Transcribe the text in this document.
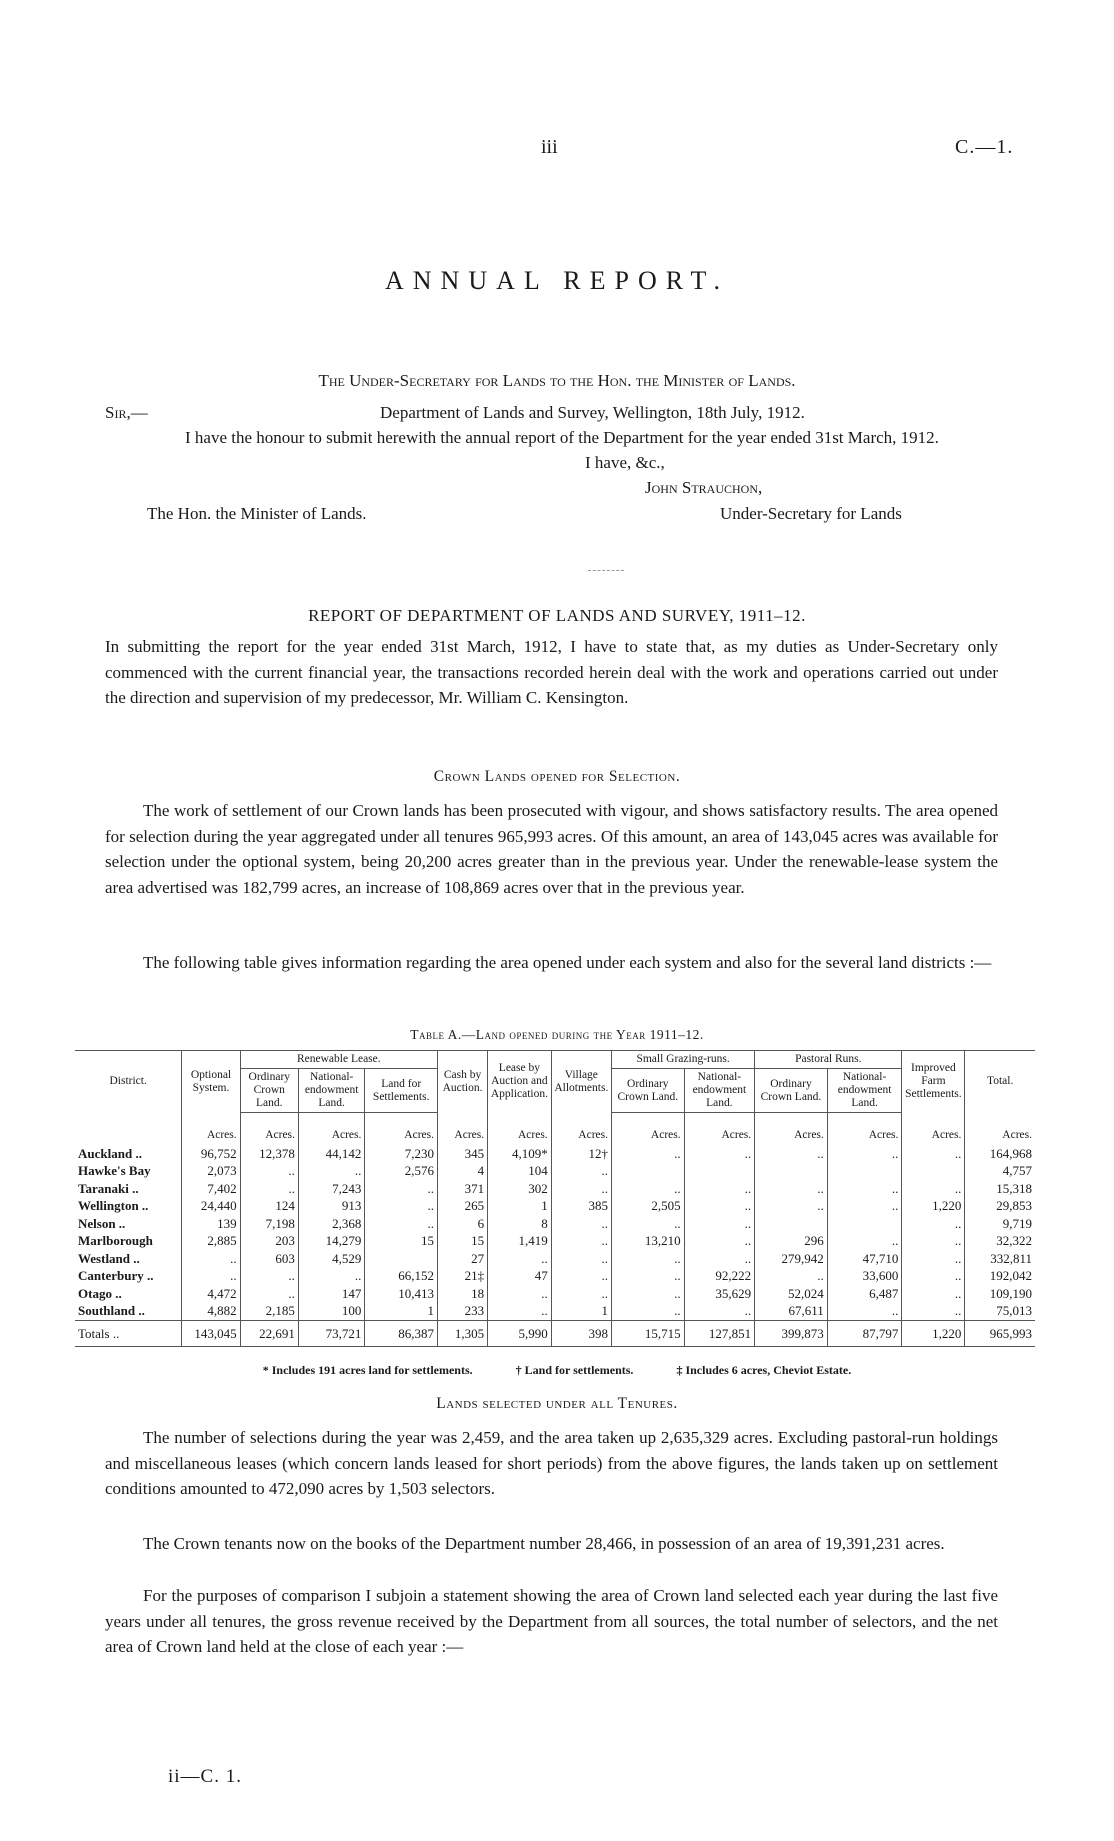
iii	C.—1.
ANNUAL REPORT.
The Under-Secretary for Lands to the Hon. the Minister of Lands.
Sir,—	Department of Lands and Survey, Wellington, 18th July, 1912.
I have the honour to submit herewith the annual report of the Department for the year ended 31st March, 1912.
I have, &c.,
John Strauchon,
The Hon. the Minister of Lands.	Under-Secretary for Lands
REPORT OF DEPARTMENT OF LANDS AND SURVEY, 1911–12.
In submitting the report for the year ended 31st March, 1912, I have to state that, as my duties as Under-Secretary only commenced with the current financial year, the transactions recorded herein deal with the work and operations carried out under the direction and supervision of my predecessor, Mr. William C. Kensington.
Crown Lands opened for Selection.
The work of settlement of our Crown lands has been prosecuted with vigour, and shows satisfactory results. The area opened for selection during the year aggregated under all tenures 965,993 acres. Of this amount, an area of 143,045 acres was available for selection under the optional system, being 20,200 acres greater than in the previous year. Under the renewable-lease system the area advertised was 182,799 acres, an increase of 108,869 acres over that in the previous year.
The following table gives information regarding the area opened under each system and also for the several land districts :—
Table A.—Land opened during the Year 1911–12.
District.	Optional System.	Renewable Lease.			Cash by Auction.	Lease by Auction and Application.	Village Allotments.	Small Grazing-runs.		Pastoral Runs.		Improved Farm Settlements.	Total.
		Ordinary Crown Land.	National-endowment Land.	Land for Settlements.				Ordinary Crown Land.	National-endowment Land.	Ordinary Crown Land.	National-endowment Land.		
	Acres.	Acres.	Acres.	Acres.	Acres.	Acres.	Acres.	Acres.	Acres.	Acres.	Acres.	Acres.	Acres.
Auckland ..	96,752	12,378	44,142	7,230	345	4,109*	12†	..	..	..	..	..	164,968
Hawke's Bay	2,073	..	..	2,576	4	104	..						4,757
Taranaki ..	7,402	..	7,243	..	371	302	..	..	..	..	..	..	15,318
Wellington ..	24,440	124	913	..	265	1	385	2,505	..	..	..	1,220	29,853
Nelson ..	139	7,198	2,368	..	6	8	..	..	..			..	9,719
Marlborough	2,885	203	14,279	15	15	1,419	..	13,210	..	296	..	..	32,322
Westland ..	..	603	4,529		27	..	..	..	..	279,942	47,710	..	332,811
Canterbury ..	..	..	..	66,152	21‡	47	..	..	92,222	..	33,600	..	192,042
Otago ..	4,472	..	147	10,413	18	..	..	..	35,629	52,024	6,487	..	109,190
Southland ..	4,882	2,185	100	1	233	..	1	..	..	67,611	..	..	75,013
Totals ..	143,045	22,691	73,721	86,387	1,305	5,990	398	15,715	127,851	399,873	87,797	1,220	965,993
* Includes 191 acres land for settlements.	† Land for settlements.	‡ Includes 6 acres, Cheviot Estate.
Lands selected under all Tenures.
The number of selections during the year was 2,459, and the area taken up 2,635,329 acres. Excluding pastoral-run holdings and miscellaneous leases (which concern lands leased for short periods) from the above figures, the lands taken up on settlement conditions amounted to 472,090 acres by 1,503 selectors.
The Crown tenants now on the books of the Department number 28,466, in possession of an area of 19,391,231 acres.
For the purposes of comparison I subjoin a statement showing the area of Crown land selected each year during the last five years under all tenures, the gross revenue received by the Department from all sources, the total number of selectors, and the net area of Crown land held at the close of each year :—
ii—C. 1.
